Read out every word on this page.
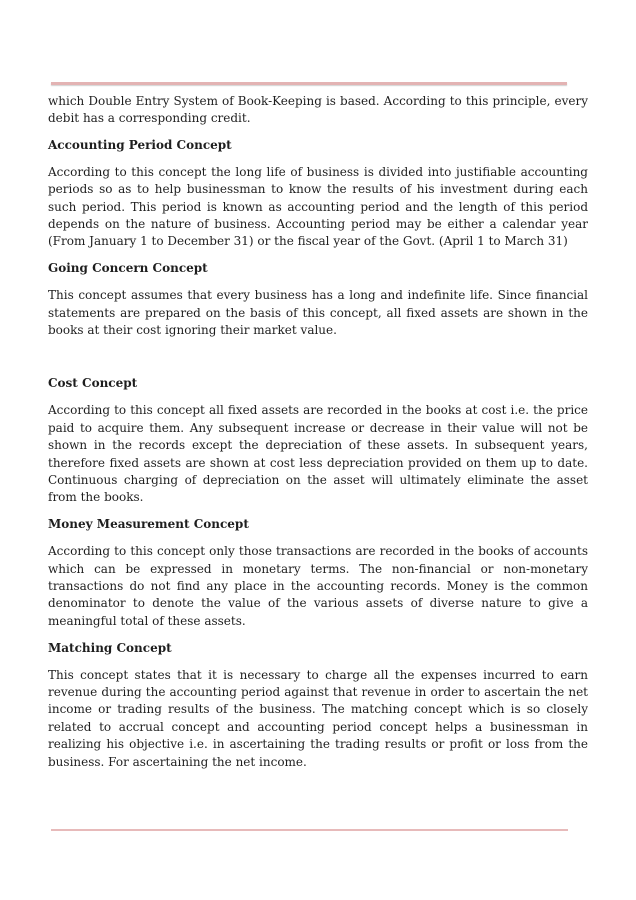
which Double Entry System of Book-Keeping is based. According to this principle, every debit has a corresponding credit.

Accounting Period Concept

According to this concept the long life of business is divided into justifiable accounting periods so as to help businessman to know the results of his investment during each such period. This period is known as accounting period and the length of this period depends on the nature of business. Accounting period may be either a calendar year (From January 1 to December 31) or the fiscal year of the Govt. (April 1 to March 31)

Going Concern Concept

This concept assumes that every business has a long and indefinite life. Since financial statements are prepared on the basis of this concept, all fixed assets are shown in the books at their cost ignoring their market value.

Cost Concept

According to this concept all fixed assets are recorded in the books at cost i.e. the price paid to acquire them. Any subsequent increase or decrease in their value will not be shown in the records except the depreciation of these assets. In subsequent years, therefore fixed assets are shown at cost less depreciation provided on them up to date. Continuous charging of depreciation on the asset will ultimately eliminate the asset from the books.

Money Measurement Concept

According to this concept only those transactions are recorded in the books of accounts which can be expressed in monetary terms. The non-financial or non-monetary transactions do not find any place in the accounting records. Money is the common denominator to denote the value of the various assets of diverse nature to give a meaningful total of these assets.

Matching Concept

This concept states that it is necessary to charge all the expenses incurred to earn revenue during the accounting period against that revenue in order to ascertain the net income or trading results of the business. The matching concept which is so closely related to accrual concept and accounting period concept helps a businessman in realizing his objective i.e. in ascertaining the trading results or profit or loss from the business. For ascertaining the net income.
